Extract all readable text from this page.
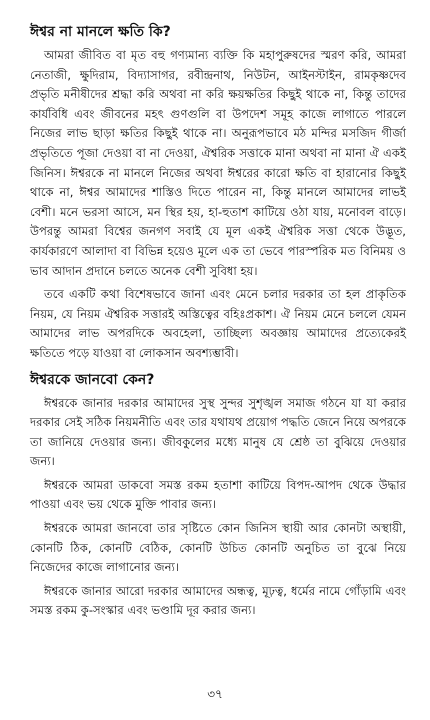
ঈশ্বর না মানলে ক্ষতি কি?

আমরা জীবিত বা মৃত বহু গণ্যমান্য ব্যক্তি কি মহাপুরুষদের স্মরণ করি, আমরা নেতাজী, ক্ষুদিরাম, বিদ্যাসাগর, রবীন্দ্রনাথ, নিউটন, আইনস্টাইন, রামকৃষ্ণদেব প্রভৃতি মনীষীদের শ্রদ্ধা করি অথবা না করি ক্ষয়ক্ষতির কিছুই থাকে না, কিন্তু তাদের কার্যবিধি এবং জীবনের মহৎ গুণগুলি বা উপদেশ সমূহ কাজে লাগাতে পারলে নিজের লাভ ছাড়া ক্ষতির কিছুই থাকে না। অনুরূপভাবে মঠ মন্দির মসজিদ গীর্জা প্রভৃতিতে পূজা দেওয়া বা না দেওয়া, ঐশ্বরিক সত্তাকে মানা অথবা না মানা ঐ একই জিনিস। ঈশ্বরকে না মানলে নিজের অথবা ঈশ্বরের কারো ক্ষতি বা হারানোর কিছুই থাকে না, ঈশ্বর আমাদের শাস্তিও দিতে পারেন না, কিন্তু মানলে আমাদের লাভই বেশী। মনে ভরসা আসে, মন স্থির হয়, হা-হুতাশ কাটিয়ে ওঠা যায়, মনোবল বাড়ে। উপরন্তু আমরা বিশ্বের জনগণ সবাই যে মূল একই ঐশ্বরিক সত্তা থেকে উদ্ভূত, কার্যকারণে আলাদা বা বিভিন্ন হয়েও মূলে এক তা ভেবে পারস্পরিক মত বিনিময় ও ভাব আদান প্রদানে চলতে অনেক বেশী সুবিধা হয়।

তবে একটি কথা বিশেষভাবে জানা এবং মেনে চলার দরকার তা হল প্রাকৃতিক নিয়ম, যে নিয়ম ঐশ্বরিক সত্তারই অস্তিত্বের বহিঃপ্রকাশ। ঐ নিয়ম মেনে চললে যেমন আমাদের লাভ অপরদিকে অবহেলা, তাচ্ছিল্য অবজ্ঞায় আমাদের প্রত্যেকেরই ক্ষতিতে পড়ে যাওয়া বা লোকসান অবশ্যম্ভাবী।

ঈশ্বরকে জানবো কেন?

ঈশ্বরকে জানার দরকার আমাদের সুস্থ সুন্দর সুশৃঙ্খল সমাজ গঠনে যা যা করার দরকার সেই সঠিক নিয়মনীতি এবং তার যথাযথ প্রয়োগ পদ্ধতি জেনে নিয়ে অপরকে তা জানিয়ে দেওয়ার জন্য। জীবকুলের মধ্যে মানুষ যে শ্রেষ্ঠ তা বুঝিয়ে দেওয়ার জন্য।

ঈশ্বরকে আমরা ডাকবো সমস্ত রকম হতাশা কাটিয়ে বিপদ-আপদ থেকে উদ্ধার পাওয়া এবং ভয় থেকে মুক্তি পাবার জন্য।

ঈশ্বরকে আমরা জানবো তার সৃষ্টিতে কোন জিনিস স্থায়ী আর কোনটা অস্থায়ী, কোনটি ঠিক, কোনটি বেঠিক, কোনটি উচিত কোনটি অনুচিত তা বুঝে নিয়ে নিজেদের কাজে লাগানোর জন্য।

ঈশ্বরকে জানার আরো দরকার আমাদের অন্ধত্ব, মূঢ়ত্ব, ধর্মের নামে গোঁড়ামি এবং সমস্ত রকম কু-সংস্কার এবং ভণ্ডামি দূর করার জন্য।

৩৭
